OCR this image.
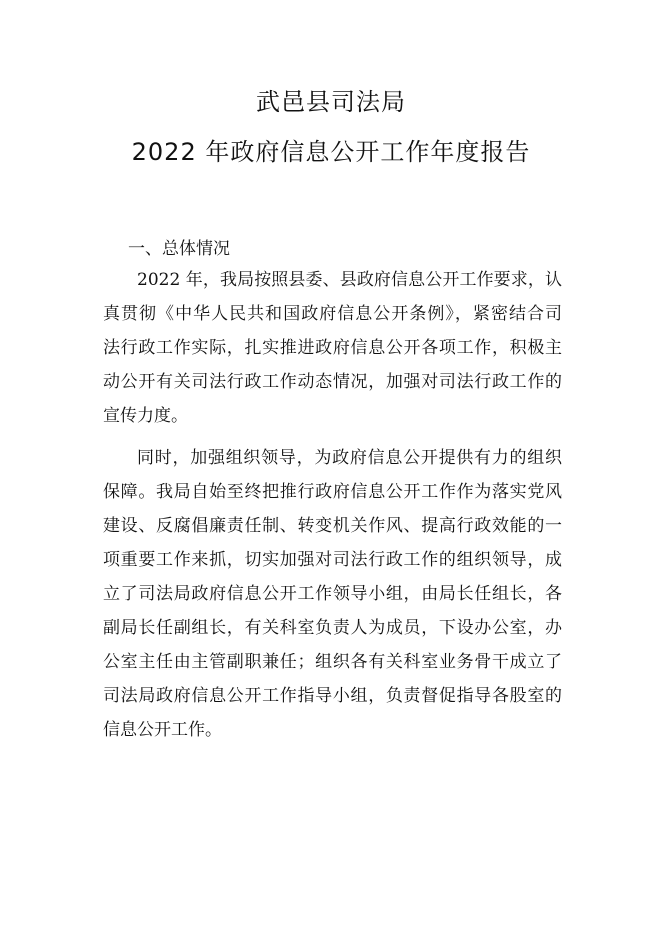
武邑县司法局
2022 年政府信息公开工作年度报告
一、总体情况
2022 年，我局按照县委、县政府信息公开工作要求，认
真贯彻《中华人民共和国政府信息公开条例》，紧密结合司
法行政工作实际，扎实推进政府信息公开各项工作，积极主
动公开有关司法行政工作动态情况，加强对司法行政工作的
宣传力度。
同时，加强组织领导，为政府信息公开提供有力的组织
保障。我局自始至终把推行政府信息公开工作作为落实党风
建设、反腐倡廉责任制、转变机关作风、提高行政效能的一
项重要工作来抓，切实加强对司法行政工作的组织领导，成
立了司法局政府信息公开工作领导小组，由局长任组长，各
副局长任副组长，有关科室负责人为成员，下设办公室，办
公室主任由主管副职兼任；组织各有关科室业务骨干成立了
司法局政府信息公开工作指导小组，负责督促指导各股室的
信息公开工作。
